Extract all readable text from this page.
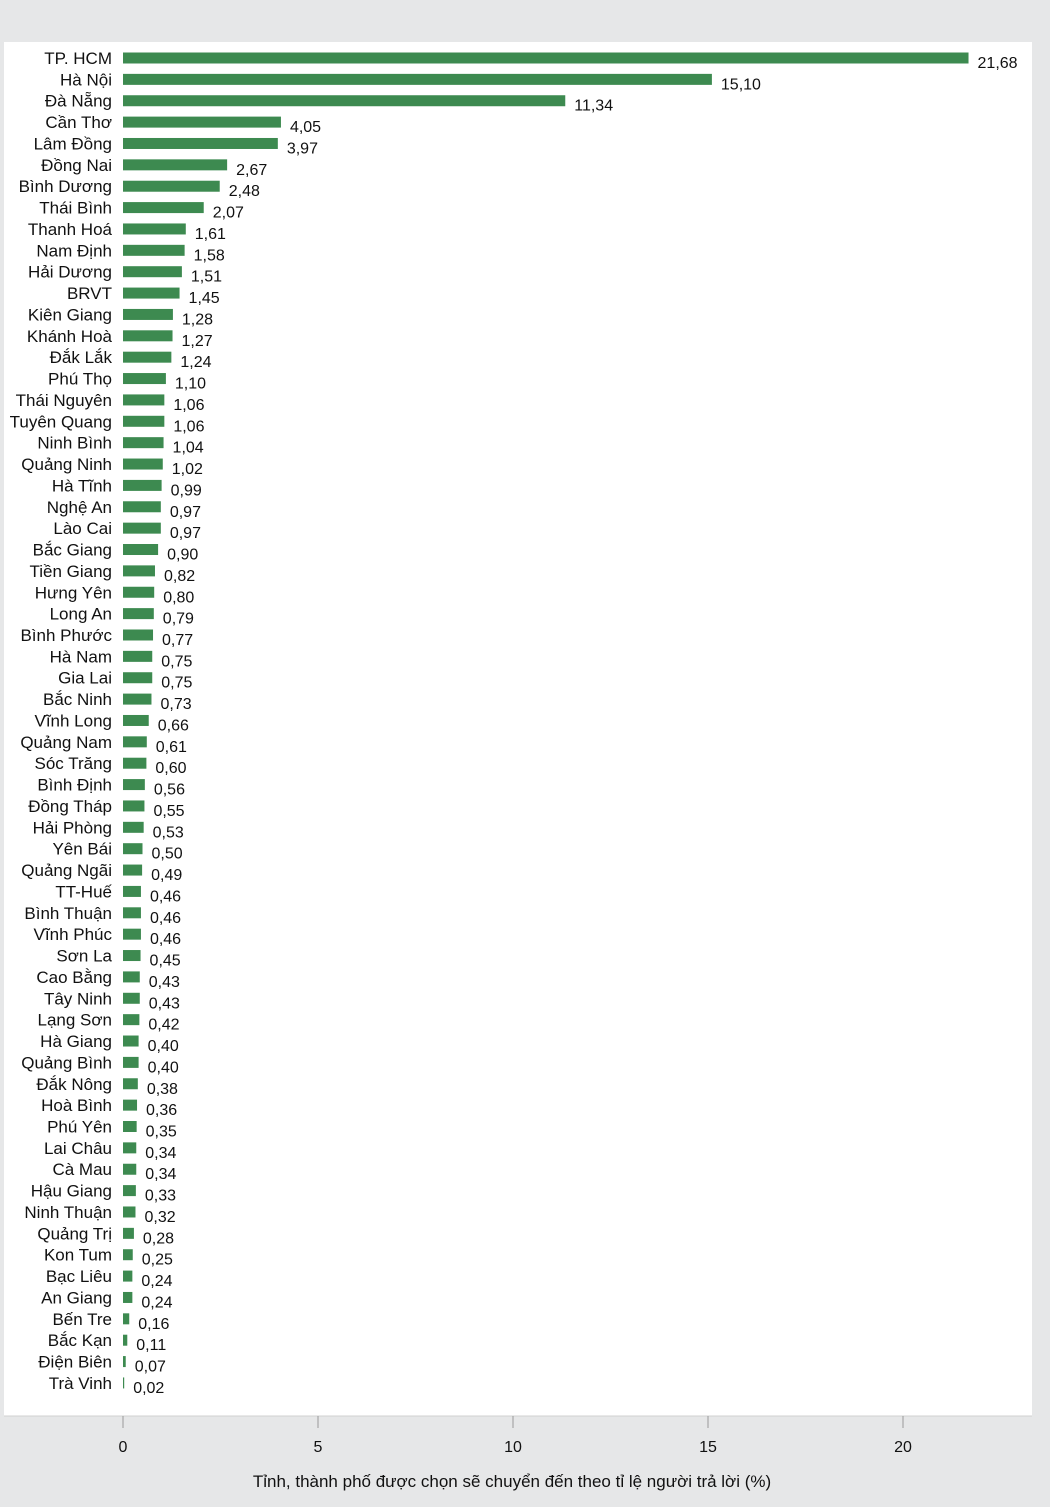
TP. HCM	21,68
Hà Nội	15,10
Đà Nẵng	11,34
Cần Thơ	4,05
Lâm Đồng	3,97
Đồng Nai	2,67
Bình Dương	2,48
Thái Bình	2,07
Thanh Hoá	1,61
Nam Định	1,58
Hải Dương	1,51
BRVT	1,45
Kiên Giang	1,28
Khánh Hoà	1,27
Đắk Lắk	1,24
Phú Thọ	1,10
Thái Nguyên	1,06
Tuyên Quang	1,06
Ninh Bình	1,04
Quảng Ninh	1,02
Hà Tĩnh	0,99
Nghệ An	0,97
Lào Cai	0,97
Bắc Giang	0,90
Tiền Giang	0,82
Hưng Yên	0,80
Long An	0,79
Bình Phước	0,77
Hà Nam	0,75
Gia Lai	0,75
Bắc Ninh	0,73
Vĩnh Long	0,66
Quảng Nam	0,61
Sóc Trăng	0,60
Bình Định	0,56
Đồng Tháp	0,55
Hải Phòng	0,53
Yên Bái 0,50
Quảng Ngãi 0,49
TT-Huế 0,46
Bình Thuận 0,46
Vĩnh Phúc 0,46
Sơn La 0,45
Cao Bằng 0,43
Tây Ninh 0,43
Lạng Sơn 0,42
Hà Giang 0,40
Quảng Bình 0,40
Đắk Nông 0,38
Hoà Bình 0,36
Phú Yên 0,35
Lai Châu 0,34
Cà Mau 0,34
Hậu Giang 0,33
Ninh Thuận 0,32
Quảng Trị 0,28
Kon Tum 0,25
Bạc Liêu 0,24
An Giang 0,24
Bến Tre 0,16
Bắc Kạn 0,11
Điện Biên 0,07
Trà Vinh 0,02
0	5	10	15	20
Tỉnh, thành phố được chọn sẽ chuyển đến theo tỉ lệ người trả lời (%)
